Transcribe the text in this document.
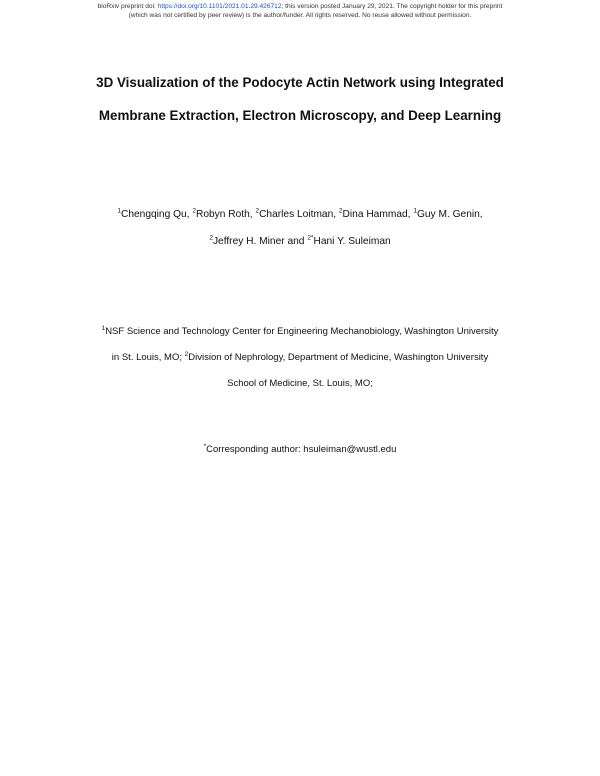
bioRxiv preprint doi: https://doi.org/10.1101/2021.01.29.426712; this version posted January 29, 2021. The copyright holder for this preprint
(which was not certified by peer review) is the author/funder. All rights reserved. No reuse allowed without permission.
3D Visualization of the Podocyte Actin Network using Integrated
Membrane Extraction, Electron Microscopy, and Deep Learning
$^1$Chengqing Qu, $^2$Robyn Roth, $^2$Charles Loitman, $^2$Dina Hammad, $^1$Guy M. Genin,
$^2$Jeffrey H. Miner and $^{2*}$Hani Y. Suleiman
$^1$NSF Science and Technology Center for Engineering Mechanobiology, Washington University
in St. Louis, MO; $^2$Division of Nephrology, Department of Medicine, Washington University
School of Medicine, St. Louis, MO;
*Corresponding author: hsuleiman@wustl.edu
